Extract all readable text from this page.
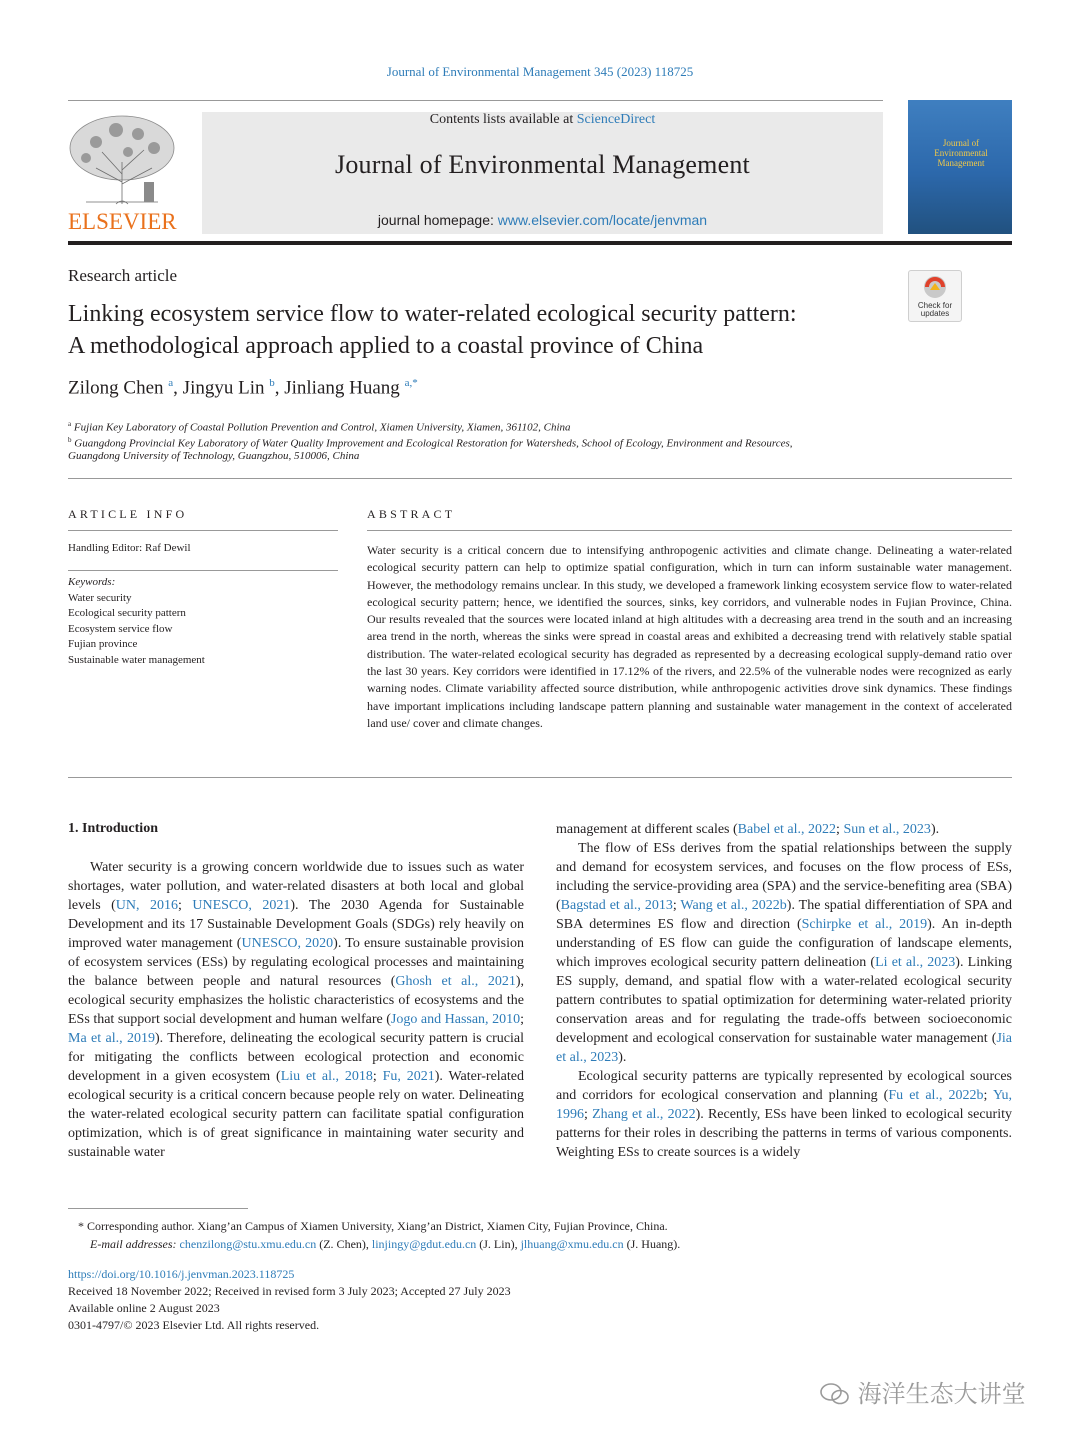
Journal of Environmental Management 345 (2023) 118725
ELSEVIER
Contents lists available at ScienceDirect
Journal of Environmental Management
journal homepage: www.elsevier.com/locate/jenvman
Journal of
Environmental
Management
Research article
Check for
updates
Linking ecosystem service flow to water-related ecological security pattern:
A methodological approach applied to a coastal province of China
Zilong Chen $^a$, Jingyu Lin $^b$, Jinliang Huang $^{a,*}$
$^a$ Fujian Key Laboratory of Coastal Pollution Prevention and Control, Xiamen University, Xiamen, 361102, China
$^b$ Guangdong Provincial Key Laboratory of Water Quality Improvement and Ecological Restoration for Watersheds, School of Ecology, Environment and Resources,
Guangdong University of Technology, Guangzhou, 510006, China
ARTICLE INFO
Handling Editor: Raf Dewil
Keywords:
Water security
Ecological security pattern
Ecosystem service flow
Fujian province
Sustainable water management
ABSTRACT
Water security is a critical concern due to intensifying anthropogenic activities and climate change. Delineating a water-related ecological security pattern can help to optimize spatial configuration, which in turn can inform sustainable water management. However, the methodology remains unclear. In this study, we developed a framework linking ecosystem service flow to water-related ecological security pattern; hence, we identified the sources, sinks, key corridors, and vulnerable nodes in Fujian Province, China. Our results revealed that the sources were located inland at high altitudes with a decreasing area trend in the south and an increasing area trend in the north, whereas the sinks were spread in coastal areas and exhibited a decreasing trend with relatively stable spatial distribution. The water-related ecological security has degraded as represented by a decreasing ecological supply-demand ratio over the last 30 years. Key corridors were identified in 17.12% of the rivers, and 22.5% of the vulnerable nodes were recognized as early warning nodes. Climate variability affected source distribution, while anthropogenic activities drove sink dynamics. These findings have important implications including landscape pattern planning and sustainable water management in the context of accelerated land use/ cover and climate changes.
1. Introduction

Water security is a growing concern worldwide due to issues such as water shortages, water pollution, and water-related disasters at both local and global levels (UN, 2016; UNESCO, 2021). The 2030 Agenda for Sustainable Development and its 17 Sustainable Development Goals (SDGs) rely heavily on improved water management (UNESCO, 2020). To ensure sustainable provision of ecosystem services (ESs) by regulating ecological processes and maintaining the balance between people and natural resources (Ghosh et al., 2021), ecological security emphasizes the holistic characteristics of ecosystems and the ESs that support social development and human welfare (Jogo and Hassan, 2010; Ma et al., 2019). Therefore, delineating the ecological security pattern is crucial for mitigating the conflicts between ecological protection and economic development in a given ecosystem (Liu et al., 2018; Fu, 2021). Water-related ecological security is a critical concern because people rely on water. Delineating the water-related ecological security pattern can facilitate spatial configuration optimization, which is of great significance in maintaining water security and sustainable water

management at different scales (Babel et al., 2022; Sun et al., 2023).

The flow of ESs derives from the spatial relationships between the supply and demand for ecosystem services, and focuses on the flow process of ESs, including the service-providing area (SPA) and the service-benefiting area (SBA) (Bagstad et al., 2013; Wang et al., 2022b). The spatial differentiation of SPA and SBA determines ES flow and direction (Schirpke et al., 2019). An in-depth understanding of ES flow can guide the configuration of landscape elements, which improves ecological security pattern delineation (Li et al., 2023). Linking ES supply, demand, and spatial flow with a water-related ecological security pattern contributes to spatial optimization for determining water-related priority conservation areas and for regulating the trade-offs between socioeconomic development and ecological conservation for sustainable water management (Jia et al., 2023).

Ecological security patterns are typically represented by ecological sources and corridors for ecological conservation and planning (Fu et al., 2022b; Yu, 1996; Zhang et al., 2022). Recently, ESs have been linked to ecological security patterns for their roles in describing the patterns in terms of various components. Weighting ESs to create sources is a widely

* Corresponding author. Xiang’an Campus of Xiamen University, Xiang’an District, Xiamen City, Fujian Province, China.
E-mail addresses: chenzilong@stu.xmu.edu.cn (Z. Chen), linjingy@gdut.edu.cn (J. Lin), jlhuang@xmu.edu.cn (J. Huang).
https://doi.org/10.1016/j.jenvman.2023.118725
Received 18 November 2022; Received in revised form 3 July 2023; Accepted 27 July 2023
Available online 2 August 2023
0301-4797/© 2023 Elsevier Ltd. All rights reserved.
海洋生态大讲堂
